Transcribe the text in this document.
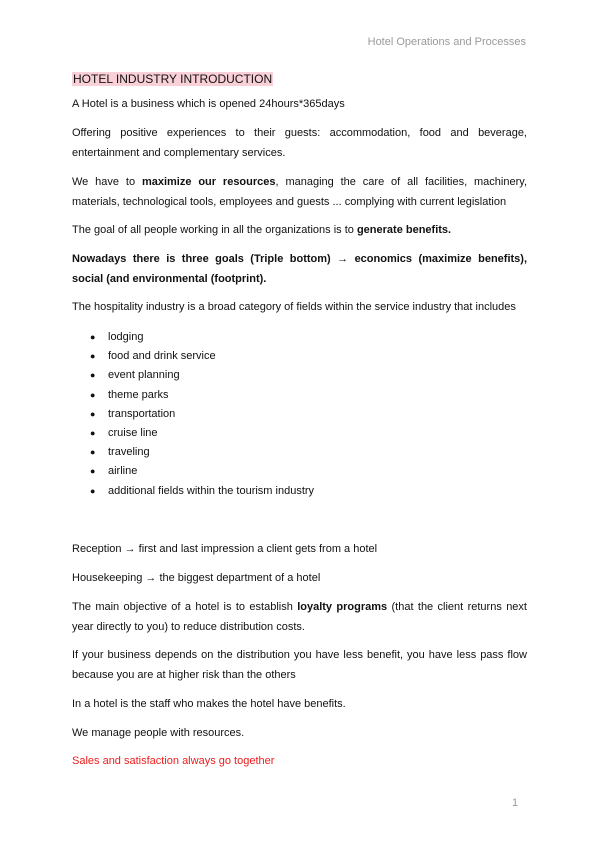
Hotel Operations and Processes
HOTEL INDUSTRY INTRODUCTION
A Hotel is a business which is opened 24hours*365days
Offering positive experiences to their guests: accommodation, food and beverage, entertainment and complementary services.
We have to maximize our resources, managing the care of all facilities, machinery, materials, technological tools, employees and guests ... complying with current legislation
The goal of all people working in all the organizations is to generate benefits.
Nowadays there is three goals (Triple bottom) → economics (maximize benefits), social (and environmental (footprint).
The hospitality industry is a broad category of fields within the service industry that includes
● lodging
● food and drink service
● event planning
● theme parks
● transportation
● cruise line
● traveling
● airline
● additional fields within the tourism industry
Reception → first and last impression a client gets from a hotel
Housekeeping → the biggest department of a hotel
The main objective of a hotel is to establish loyalty programs (that the client returns next year directly to you) to reduce distribution costs.
If your business depends on the distribution you have less benefit, you have less pass flow because you are at higher risk than the others
In a hotel is the staff who makes the hotel have benefits.
We manage people with resources.
Sales and satisfaction always go together
1
